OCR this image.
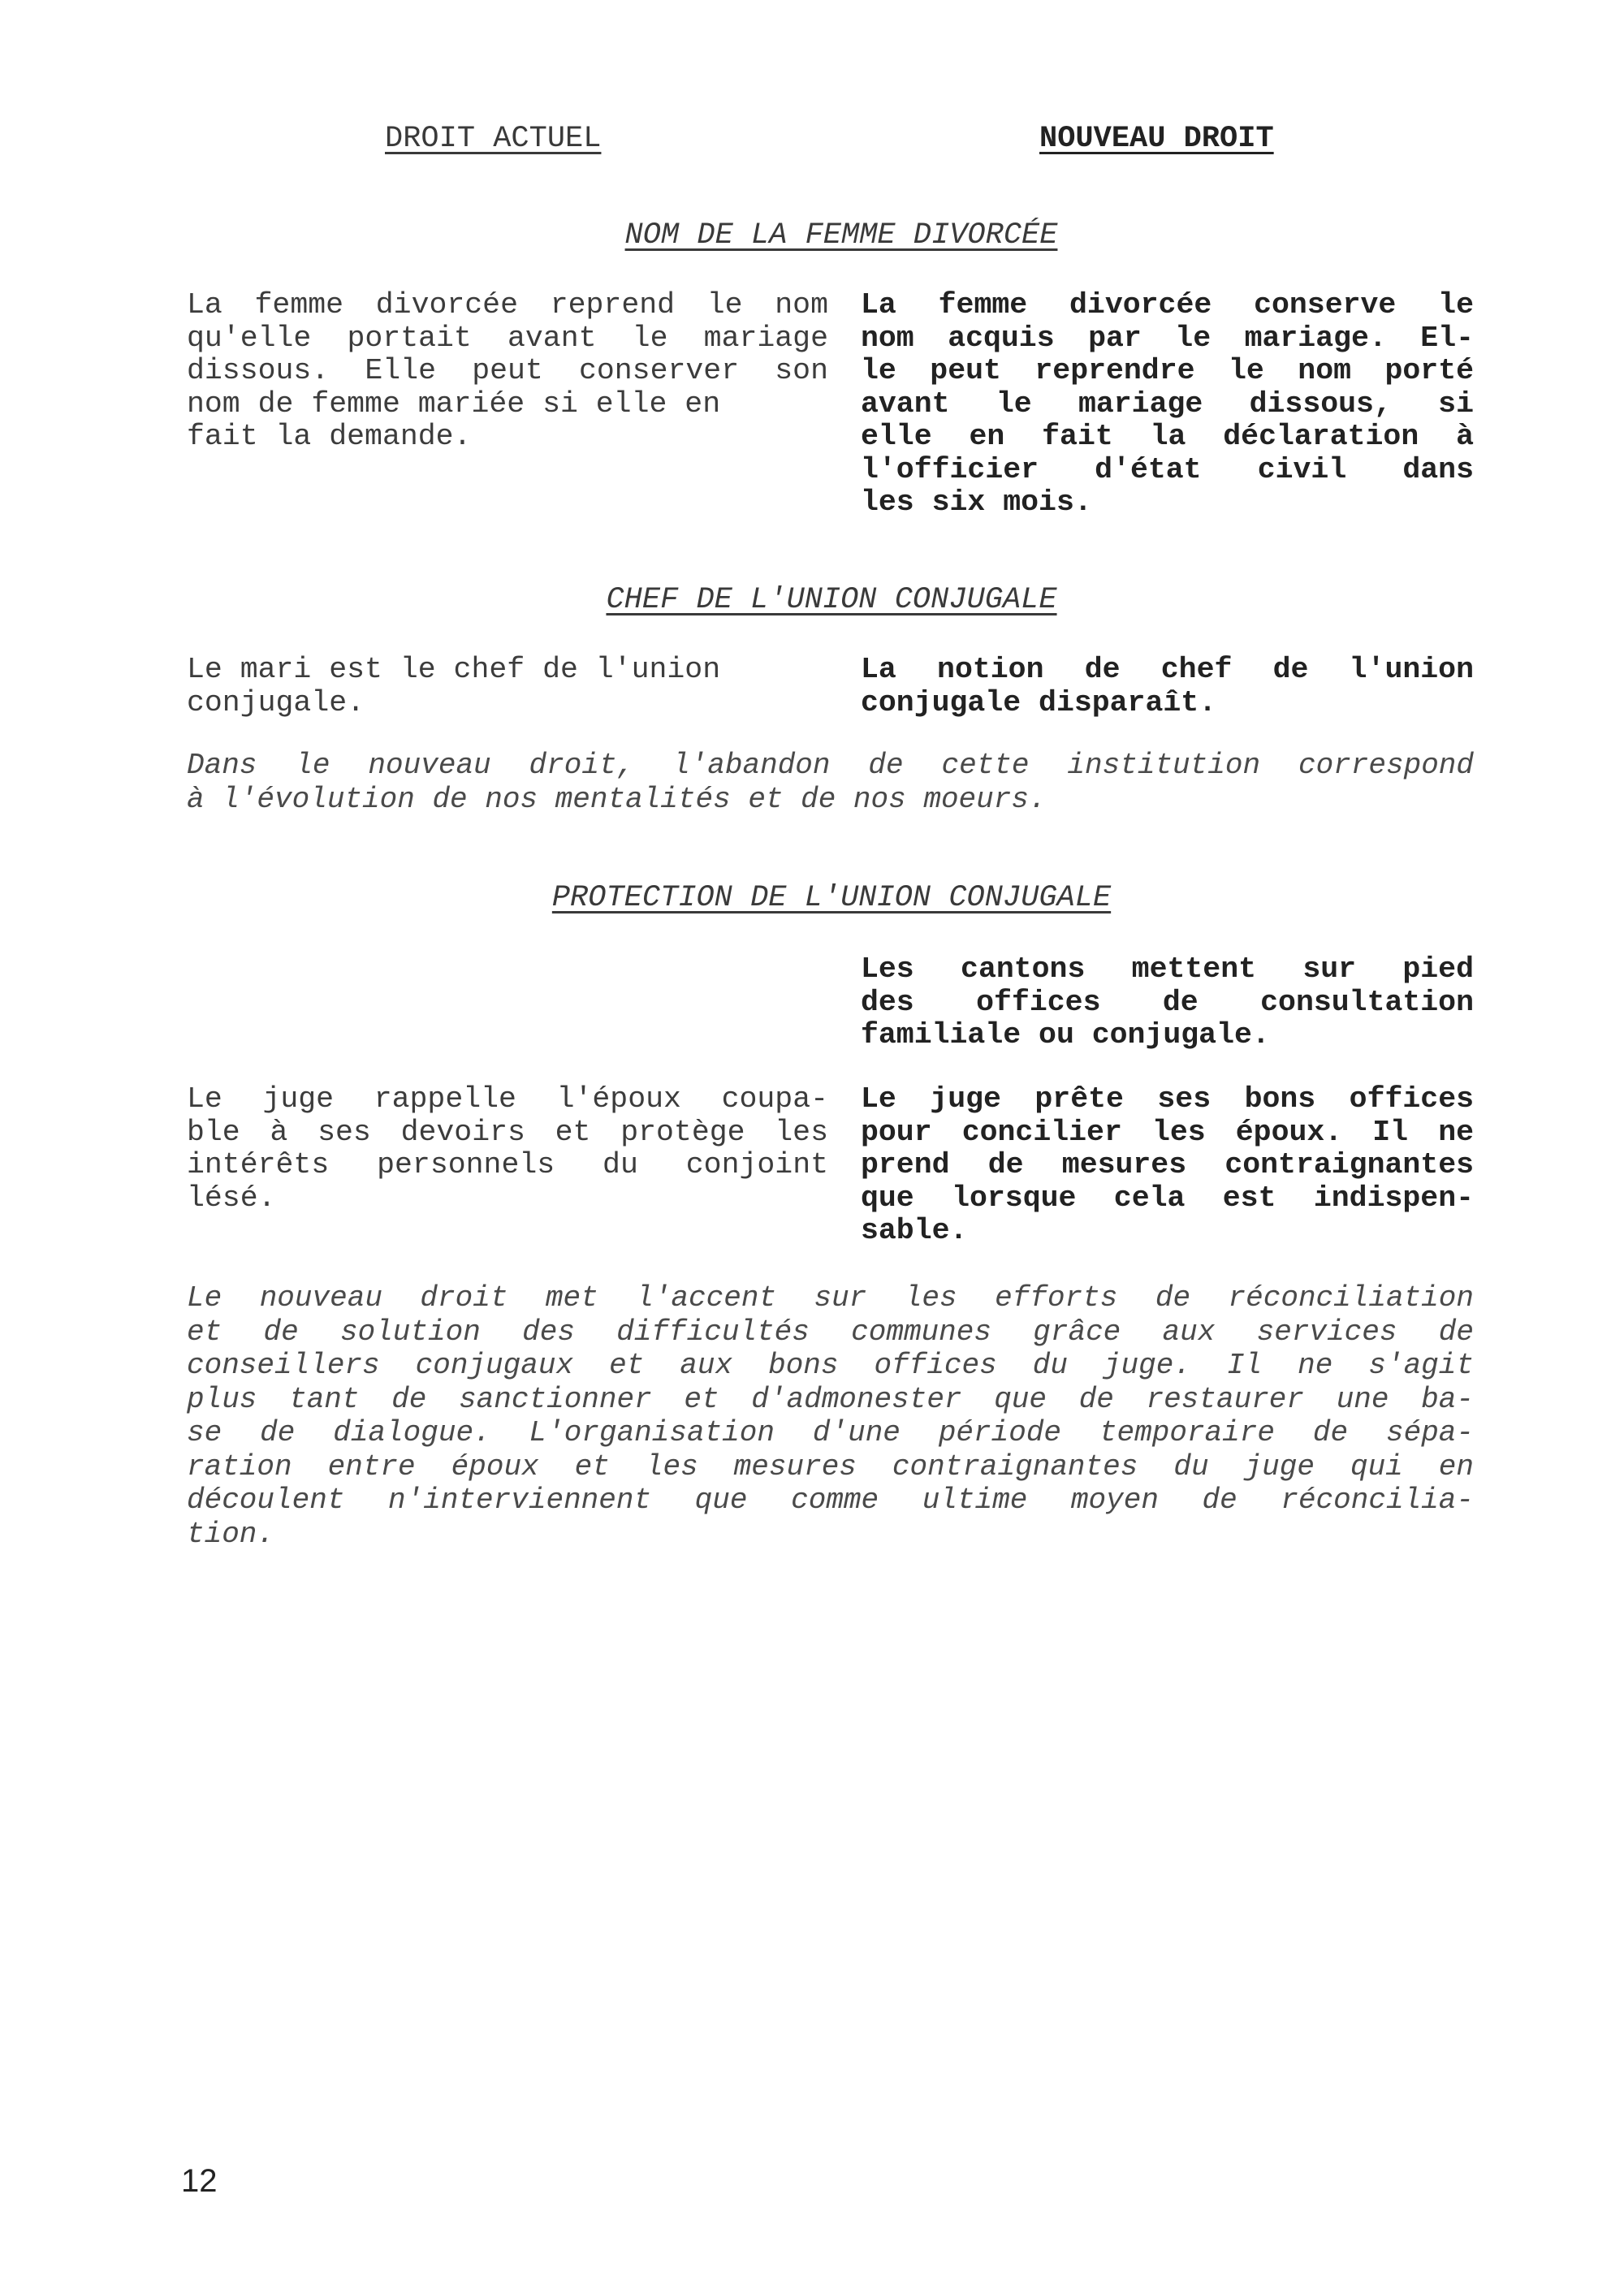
DROIT ACTUEL	NOUVEAU DROIT
NOM DE LA FEMME DIVORCÉE
La femme divorcée reprend le nom
qu'elle portait avant le mariage
dissous. Elle peut conserver son
nom de femme mariée si elle en
fait la demande.
La femme divorcée conserve le
nom acquis par le mariage. El-
le peut reprendre le nom porté
avant le mariage dissous, si
elle en fait la déclaration à
l'officier d'état civil dans
les six mois.
CHEF DE L'UNION CONJUGALE
Le mari est le chef de l'union
conjugale.
La notion de chef de l'union
conjugale disparaît.
Dans le nouveau droit, l'abandon de cette institution correspond
à l'évolution de nos mentalités et de nos moeurs.
PROTECTION DE L'UNION CONJUGALE
Les cantons mettent sur pied
des offices de consultation
familiale ou conjugale.
Le juge rappelle l'époux coupa-
ble à ses devoirs et protège les
intérêts personnels du conjoint
lésé.
Le juge prête ses bons offices
pour concilier les époux. Il ne
prend de mesures contraignantes
que lorsque cela est indispen-
sable.
Le nouveau droit met l'accent sur les efforts de réconciliation
et de solution des difficultés communes grâce aux services de
conseillers conjugaux et aux bons offices du juge. Il ne s'agit
plus tant de sanctionner et d'admonester que de restaurer une ba-
se de dialogue. L'organisation d'une période temporaire de sépa-
ration entre époux et les mesures contraignantes du juge qui en
découlent n'interviennent que comme ultime moyen de réconcilia-
tion.
12
